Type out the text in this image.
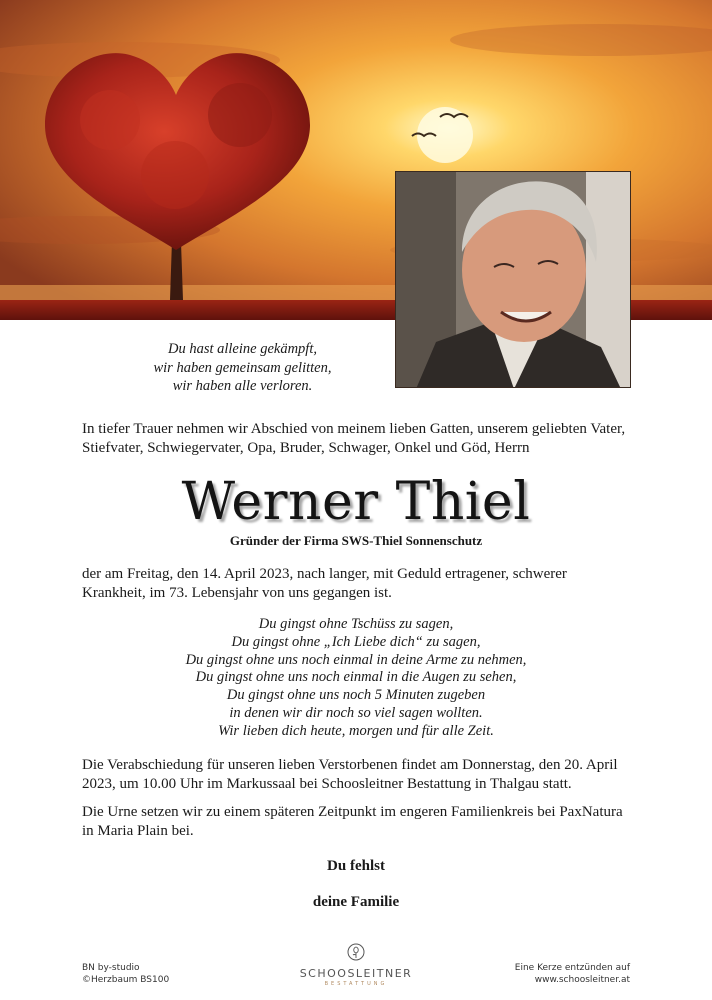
Du hast alleine gekämpft,
wir haben gemeinsam gelitten,
wir haben alle verloren.
In tiefer Trauer nehmen wir Abschied von meinem lieben Gatten, unserem geliebten Vater, Stiefvater, Schwiegervater, Opa, Bruder, Schwager, Onkel und Göd, Herrn
Werner Thiel
Gründer der Firma SWS-Thiel Sonnenschutz
der am Freitag, den 14. April 2023, nach langer, mit Geduld ertragener, schwerer Krankheit, im 73. Lebensjahr von uns gegangen ist.
Du gingst ohne Tschüss zu sagen,
Du gingst ohne „Ich Liebe dich“ zu sagen,
Du gingst ohne uns noch einmal in deine Arme zu nehmen,
Du gingst ohne uns noch einmal in die Augen zu sehen,
Du gingst ohne uns noch 5 Minuten zugeben
in denen wir dir noch so viel sagen wollten.
Wir lieben dich heute, morgen und für alle Zeit.
Die Verabschiedung für unseren lieben Verstorbenen findet am Donnerstag, den 20. April 2023, um 10.00 Uhr im Markussaal bei Schoosleitner Bestattung in Thalgau statt.
Die Urne setzen wir zu einem späteren Zeitpunkt im engeren Familienkreis bei PaxNatura in Maria Plain bei.
Du fehlst
deine Familie
BN by-studio
©Herzbaum BS100	SCHOOSLEITNER
BESTATTUNG
Eine Kerze entzünden auf
www.schoosleitner.at
